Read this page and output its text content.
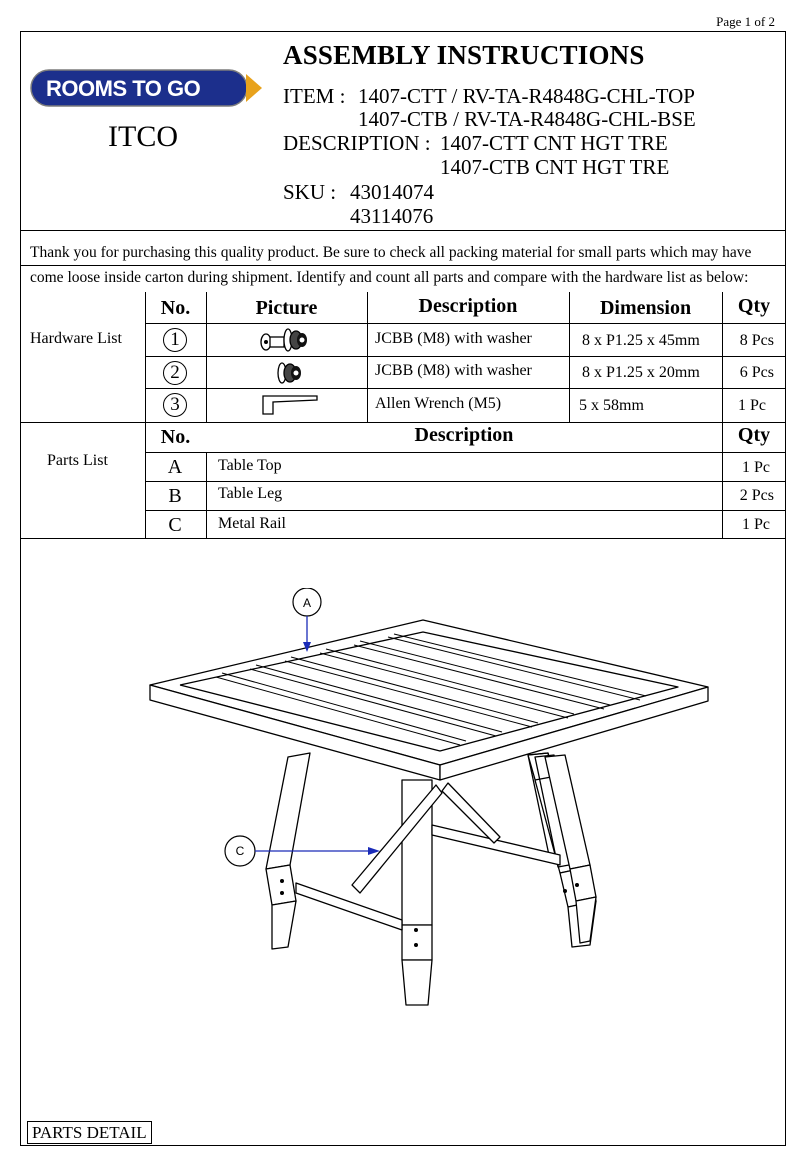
Page 1 of 2
ROOMS TO GO
ITCO
ASSEMBLY INSTRUCTIONS
ITEM : 1407-CTT / RV-TA-R4848G-CHL-TOP
1407-CTB / RV-TA-R4848G-CHL-BSE
DESCRIPTION : 1407-CTT CNT HGT TRE
1407-CTB CNT HGT TRE
SKU : 43014074
43114076
Thank you for purchasing this quality product. Be sure to check all packing material for small parts which may have come loose inside carton during shipment. Identify and count all parts and compare with the hardware list as below:
Hardware List
No.	Picture	Description	Dimension	Qty
1	JCBB (M8) with washer	8 x P1.25 x 45mm	8 Pcs
2	JCBB (M8) with washer	8 x P1.25 x 20mm	6 Pcs
3	Allen Wrench (M5)	5 x 58mm	1 Pc
Parts List
No.	Description	Qty
A	Table Top	1 Pc
B	Table Leg	2 Pcs
C	Metal Rail	1 Pc
A
C
PARTS DETAIL
